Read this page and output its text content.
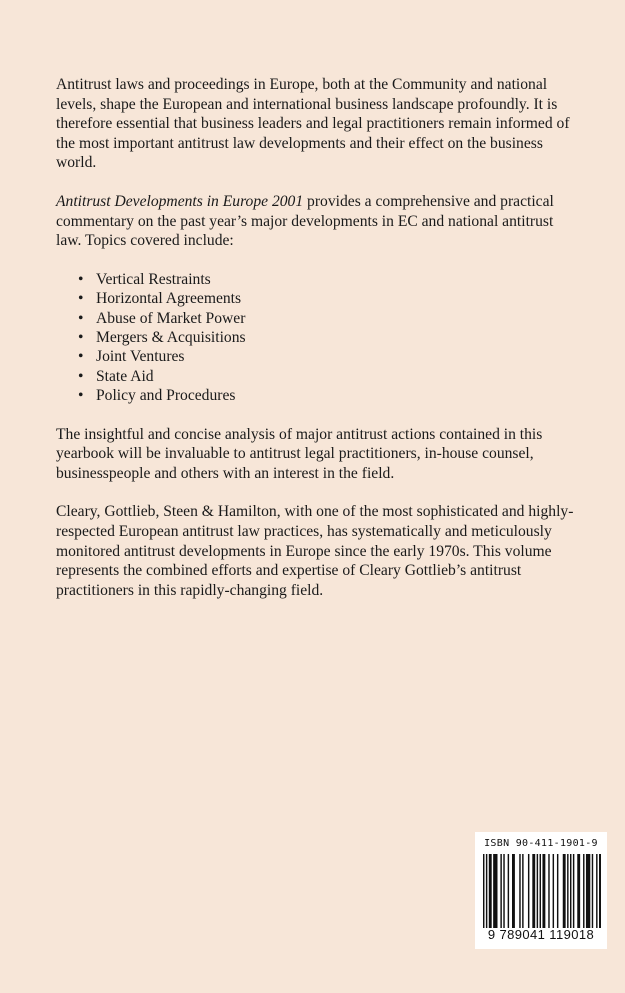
Antitrust laws and proceedings in Europe, both at the Community and national levels, shape the European and international business landscape profoundly. It is therefore essential that business leaders and legal practitioners remain informed of the most important antitrust law developments and their effect on the business world.

Antitrust Developments in Europe 2001 provides a comprehensive and practical commentary on the past year’s major developments in EC and national antitrust law. Topics covered include:

• Vertical Restraints
• Horizontal Agreements
• Abuse of Market Power
• Mergers & Acquisitions
• Joint Ventures
• State Aid
• Policy and Procedures

The insightful and concise analysis of major antitrust actions contained in this yearbook will be invaluable to antitrust legal practitioners, in-house counsel, businesspeople and others with an interest in the field.

Cleary, Gottlieb, Steen & Hamilton, with one of the most sophisticated and highly-respected European antitrust law practices, has systematically and meticulously monitored antitrust developments in Europe since the early 1970s. This volume represents the combined efforts and expertise of Cleary Gottlieb’s antitrust practitioners in this rapidly-changing field.

ISBN 90-411-1901-9
9 789041 119018
